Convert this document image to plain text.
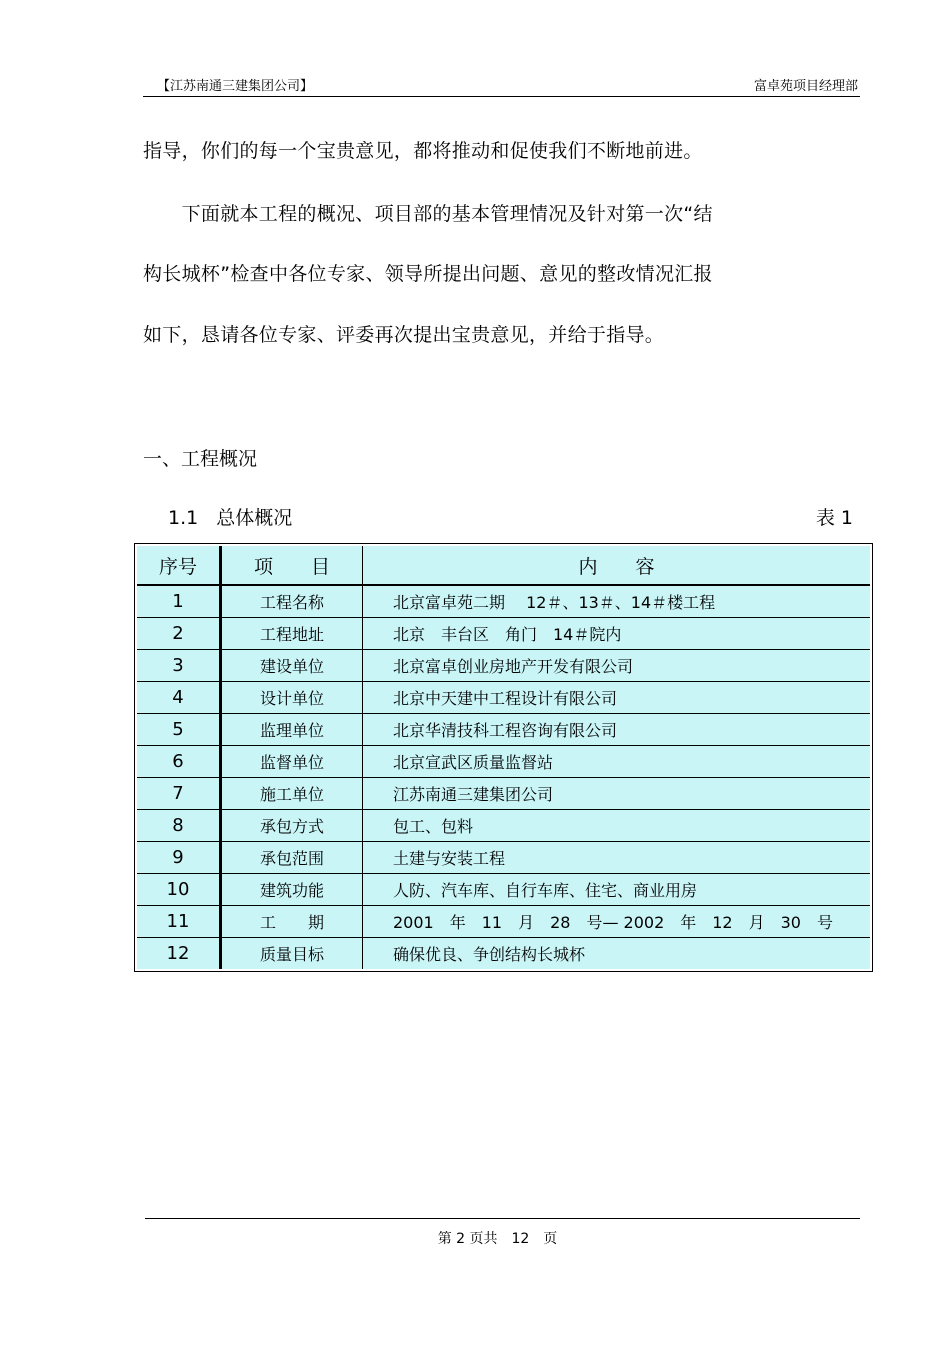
【江苏南通三建集团公司】	富卓苑项目经理部
指导，你们的每一个宝贵意见，都将推动和促使我们不断地前进。
　　下面就本工程的概况、项目部的基本管理情况及针对第一次“结
构长城杯”检查中各位专家、领导所提出问题、意见的整改情况汇报
如下，恳请各位专家、评委再次提出宝贵意见，并给于指导。
一、工程概况
1.1 总体概况	表 1
序号	项　　目	内　　容
1	工程名称	北京富卓苑二期　 12＃、13＃、14＃楼工程
2	工程地址	北京　丰台区　角门　14＃院内
3	建设单位	北京富卓创业房地产开发有限公司
4	设计单位	北京中天建中工程设计有限公司
5	监理单位	北京华清技科工程咨询有限公司
6	监督单位	北京宣武区质量监督站
7	施工单位	江苏南通三建集团公司
8	承包方式	包工、包料
9	承包范围	土建与安装工程
10	建筑功能	人防、汽车库、自行车库、住宅、商业用房
11	工　　期	2001　年　11　月　28　号— 2002　年　12　月　30　号
12	质量目标	确保优良、争创结构长城杯
第 2 页共　12　页
